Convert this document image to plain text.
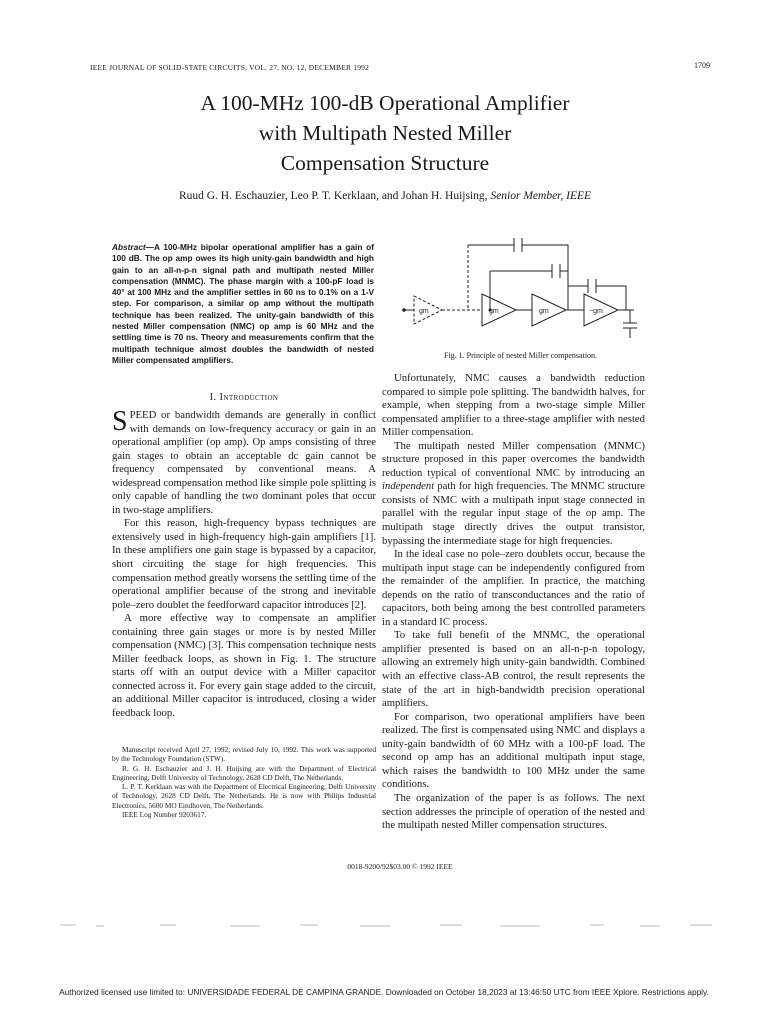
IEEE JOURNAL OF SOLID-STATE CIRCUITS, VOL. 27, NO. 12, DECEMBER 1992	1709
A 100-MHz 100-dB Operational Amplifier
with Multipath Nested Miller
Compensation Structure
Ruud G. H. Eschauzier, Leo P. T. Kerklaan, and Johan H. Huijsing, Senior Member, IEEE

Abstract—A 100-MHz bipolar operational amplifier has a gain of 100 dB. The op amp owes its high unity-gain bandwidth and high gain to an all-n-p-n signal path and multipath nested Miller compensation (MNMC). The phase margin with a 100-pF load is 40° at 100 MHz and the amplifier settles in 60 ns to 0.1% on a 1-V step. For comparison, a similar op amp without the multipath technique has been realized. The unity-gain bandwidth of this nested Miller compensation (NMC) op amp is 60 MHz and the settling time is 70 ns. Theory and measurements confirm that the multipath technique almost doubles the bandwidth of nested Miller compensated amplifiers.

gm	gm	gm	−gm
Fig. 1. Principle of nested Miller compensation.
I. Introduction

SPEED or bandwidth demands are generally in conflict with demands on low-frequency accuracy or gain in an operational amplifier (op amp). Op amps consisting of three gain stages to obtain an acceptable dc gain cannot be frequency compensated by conventional means. A widespread compensation method like simple pole splitting is only capable of handling the two dominant poles that occur in two-stage amplifiers.

For this reason, high-frequency bypass techniques are extensively used in high-frequency high-gain amplifiers [1]. In these amplifiers one gain stage is bypassed by a capacitor, short circuiting the stage for high frequencies. This compensation method greatly worsens the settling time of the operational amplifier because of the strong and inevitable pole–zero doublet the feedforward capacitor introduces [2].

A more effective way to compensate an amplifier containing three gain stages or more is by nested Miller compensation (NMC) [3]. This compensation technique nests Miller feedback loops, as shown in Fig. 1. The structure starts off with an output device with a Miller capacitor connected across it. For every gain stage added to the circuit, an additional Miller capacitor is introduced, closing a wider feedback loop.

Manuscript received April 27, 1992; revised July 10, 1992. This work was supported by the Technology Foundation (STW).

R. G. H. Eschauzier and J. H. Huijsing are with the Department of Electrical Engineering, Delft University of Technology, 2628 CD Delft, The Netherlands.

L. P. T. Kerklaan was with the Department of Electrical Engineering, Delft University of Technology, 2628 CD Delft, The Netherlands. He is now with Philips Industrial Electronics, 5600 MO Eindhoven, The Netherlands.

IEEE Log Number 9203617.

Unfortunately, NMC causes a bandwidth reduction compared to simple pole splitting. The bandwidth halves, for example, when stepping from a two-stage simple Miller compensated amplifier to a three-stage amplifier with nested Miller compensation.

The multipath nested Miller compensation (MNMC) structure proposed in this paper overcomes the bandwidth reduction typical of conventional NMC by introducing an independent path for high frequencies. The MNMC structure consists of NMC with a multipath input stage connected in parallel with the regular input stage of the op amp. The multipath stage directly drives the output transistor, bypassing the intermediate stage for high frequencies.

In the ideal case no pole–zero doublets occur, because the multipath input stage can be independently configured from the remainder of the amplifier. In practice, the matching depends on the ratio of transconductances and the ratio of capacitors, both being among the best controlled parameters in a standard IC process.

To take full benefit of the MNMC, the operational amplifier presented is based on an all-n-p-n topology, allowing an extremely high unity-gain bandwidth. Combined with an effective class-AB control, the result represents the state of the art in high-bandwidth precision operational amplifiers.

For comparison, two operational amplifiers have been realized. The first is compensated using NMC and displays a unity-gain bandwidth of 60 MHz with a 100-pF load. The second op amp has an additional multipath input stage, which raises the bandwidth to 100 MHz under the same conditions.

The organization of the paper is as follows. The next section addresses the principle of operation of the nested and the multipath nested Miller compensation structures.

0018-9200/92$03.00 © 1992 IEEE
Authorized licensed use limited to: UNIVERSIDADE FEDERAL DE CAMPINA GRANDE. Downloaded on October 18,2023 at 13:46:50 UTC from IEEE Xplore. Restrictions apply.
